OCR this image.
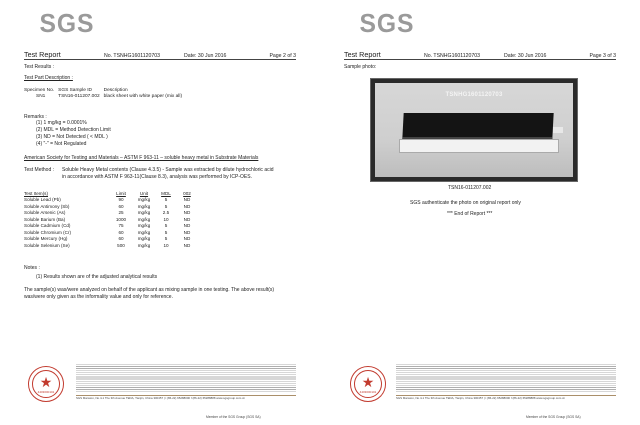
SGS
Test Report	No. TSNHG1601120703	Date: 30 Jun 2016	Page 2 of 3
Test Results :
Test Part Description :
Specimen No.	SGS Sample ID	Description
SN1	TSN16-011207.002	black sheet with white paper (mix all)
Remarks :
(1) 1 mg/kg = 0.0001%
(2) MDL = Method Detection Limit
(3) ND = Not Detected ( < MDL )
(4) "-" = Not Regulated
American Society for Testing and Materials – ASTM F 963-11 – soluble heavy metal in Substrate Materials
Test Method : Soluble Heavy Metal contents (Clause 4.3.5) - Sample was extracted by dilute hydrochloric acid
in accordance with ASTM F 963-11(Clause 8.3), analysis was performed by ICP-OES.
Test Item(s)	Limit	Unit	MDL	002
Soluble Lead (Pb)	90	mg/kg	5	ND
Soluble Antimony (Sb)	60	mg/kg	5	ND
Soluble Arsenic (As)	25	mg/kg	2.5	ND
Soluble Barium (Ba)	1000	mg/kg	10	ND
Soluble Cadmium (Cd)	75	mg/kg	5	ND
Soluble Chromium (Cr)	60	mg/kg	5	ND
Soluble Mercury (Hg)	60	mg/kg	5	ND
Soluble Selenium (Se)	500	mg/kg	10	ND
Notes :
(1) Results shown are of the adjusted analytical results
The sample(s) was/were analyzed on behalf of the applicant as mixing sample in one testing. The above result(s)
was/were only given as the informality value and only for reference.
SGS
Test Report	No. TSNHG1601120703	Date: 30 Jun 2016	Page 3 of 3
Sample photo:
TSNHG1601120703
TSN16-011207.002
SGS authenticate the photo on original report only
*** End of Report ***
★
4403000101
SGS Mansion, No.4-1 The 3th Avenue TEDA, Tianjin, China 300457 | t (86-22) 65288000 f (86-22) 65288888 www.sgsgroup.com.cn
Member of the SGS Group (SGS SA)
★
4403000101
SGS Mansion, No.4-1 The 3th Avenue TEDA, Tianjin, China 300457 | t (86-22) 65288000 f (86-22) 65288888 www.sgsgroup.com.cn
Member of the SGS Group (SGS SA)
